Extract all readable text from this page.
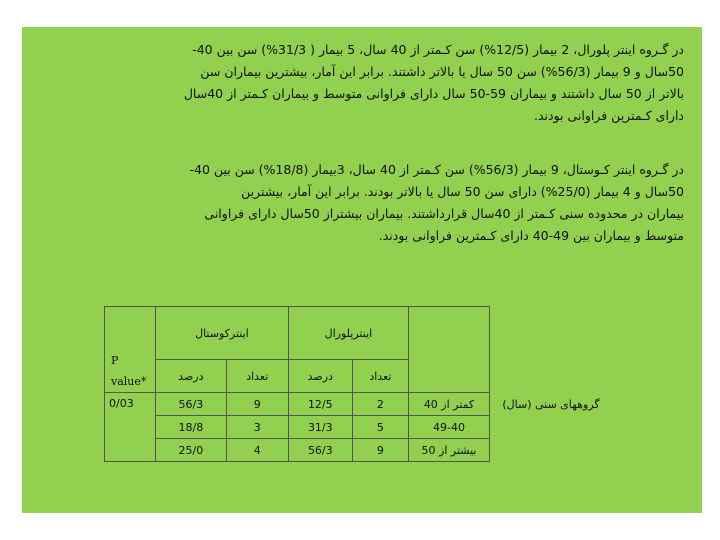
در گـروه اینتر پلورال، 2 بیمار (12/5%) سن کـمتر از 40 سال، 5 بیمار ( 31/3%) سن بین 40-
50سال و 9 بیمار (56/3%) سن 50 سال یا بالاتر داشتند. برابر این آمار، بیشترین بیماران سن
بالاتر از 50 سال داشتند و بیماران 59-50 سال دارای فراوانی متوسط و بیماران کـمتر از 40سال
دارای کـمترین فراوانی بودند.
در گـروه اینتر کـوستال، 9 بیمار (56/3%) سن کـمتر از 40 سال، 3بیمار (18/8%) سن بین 40-
50سال و 4 بیمار (25/0%) دارای سن 50 سال یا بالاتر بودند. برابر این آمار، بیشترین
بیماران در محدوده سنی کـمتر از 40سال قرارداشتند. بیماران بیشتراز 50سال دارای فراوانی
متوسط و بیماران بین 49-40 دارای کـمترین فراوانی بودند.
P
value*	اینترکوستال		اینترپلورال			گروههای سنی (سال)
	درصد	تعداد	درصد	تعداد		
0/03	56/3	9	12/5	2	کمتر از 40	
	18/8	3	31/3	5	49-40	
	25/0	4	56/3	9	بیشتر از 50	
